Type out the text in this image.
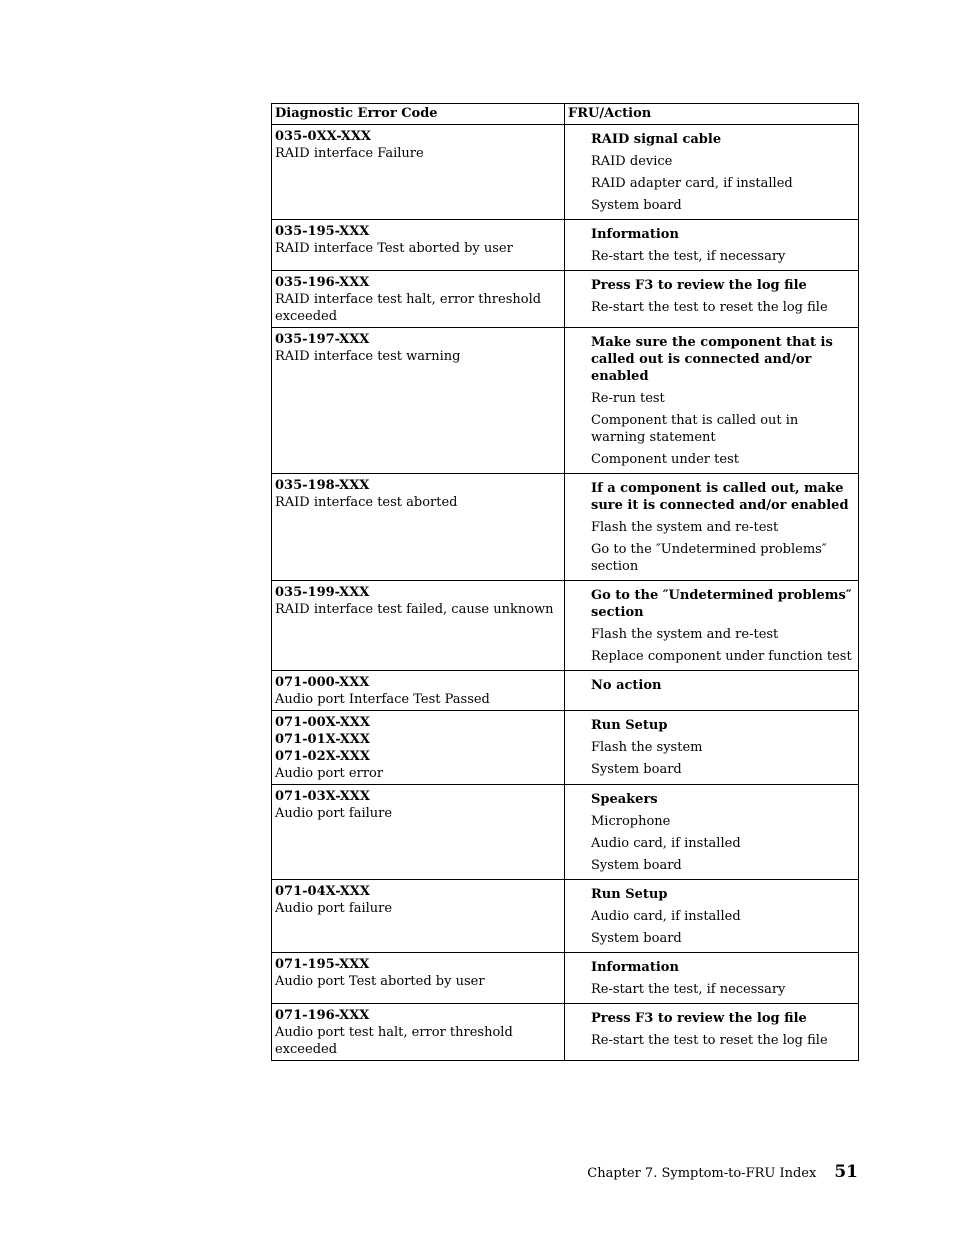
Diagnostic Error Code	FRU/Action

035-0XX-XXX
RAID interface Failure	RAID signal cable
RAID device
RAID adapter card, if installed
System board

035-195-XXX
RAID interface Test aborted by user	Information
Re-start the test, if necessary

035-196-XXX
RAID interface test halt, error threshold exceeded	Press F3 to review the log file
Re-start the test to reset the log file

035-197-XXX
RAID interface test warning	Make sure the component that is called out is connected and/or enabled
Re-run test
Component that is called out in warning statement
Component under test

035-198-XXX
RAID interface test aborted	If a component is called out, make sure it is connected and/or enabled
Flash the system and re-test
Go to the ″Undetermined problems″ section

035-199-XXX
RAID interface test failed, cause unknown	Go to the ″Undetermined problems″ section
Flash the system and re-test
Replace component under function test

071-000-XXX
Audio port Interface Test Passed	No action

071-00X-XXX
071-01X-XXX
071-02X-XXX
Audio port error	Run Setup
Flash the system
System board

071-03X-XXX
Audio port failure	Speakers
Microphone
Audio card, if installed
System board

071-04X-XXX
Audio port failure	Run Setup
Audio card, if installed
System board

071-195-XXX
Audio port Test aborted by user	Information
Re-start the test, if necessary

071-196-XXX
Audio port test halt, error threshold exceeded	Press F3 to review the log file
Re-start the test to reset the log file
Chapter 7. Symptom-to-FRU Index 51
